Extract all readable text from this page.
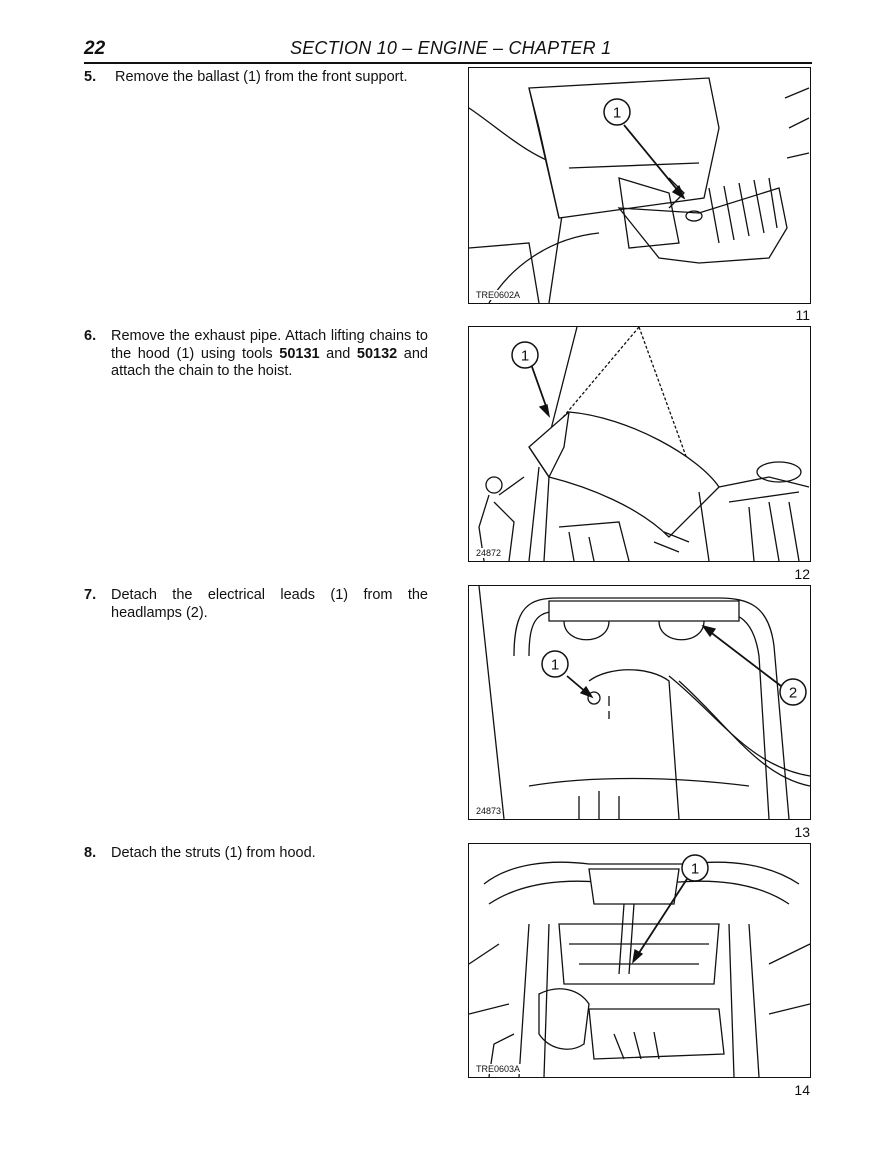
22	SECTION 10 – ENGINE – CHAPTER 1
5. Remove the ballast (1) from the front support.
6. Remove the exhaust pipe. Attach lifting chains to the hood (1) using tools 50131 and 50132 and attach the chain to the hoist.
7. Detach the electrical leads (1) from the headlamps (2).
8. Detach the struts (1) from hood.
1
TRE0602A
11
1
24872
12
1
2
24873
13
1
TRE0603A
14
